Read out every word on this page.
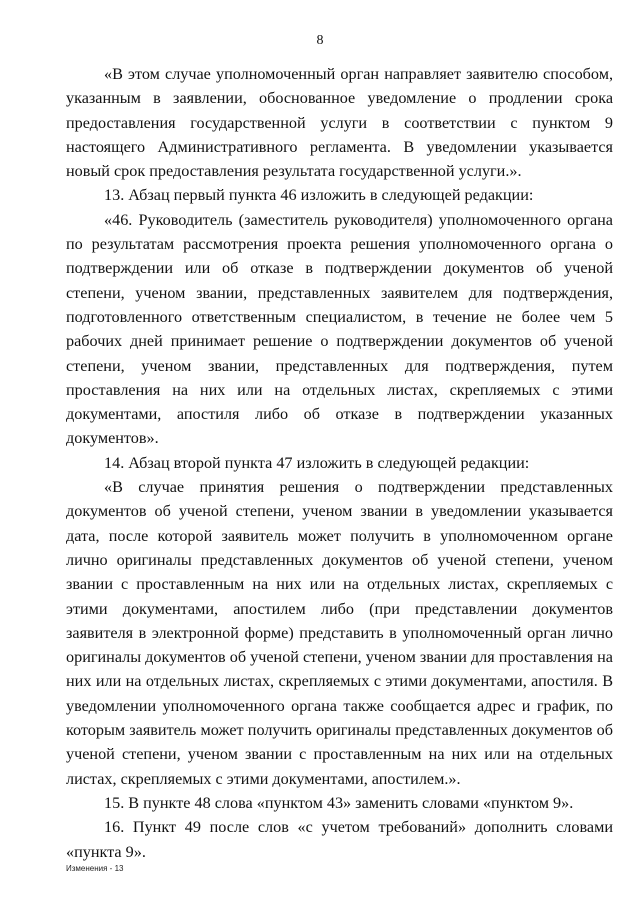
8

«В этом случае уполномоченный орган направляет заявителю способом, указанным в заявлении, обоснованное уведомление о продлении срока предоставления государственной услуги в соответствии с пунктом 9 настоящего Административного регламента. В уведомлении указывается новый срок предоставления результата государственной услуги.».

13. Абзац первый пункта 46 изложить в следующей редакции:

«46. Руководитель (заместитель руководителя) уполномоченного органа по результатам рассмотрения проекта решения уполномоченного органа о подтверждении или об отказе в подтверждении документов об ученой степени, ученом звании, представленных заявителем для подтверждения, подготовленного ответственным специалистом, в течение не более чем 5 рабочих дней принимает решение о подтверждении документов об ученой степени, ученом звании, представленных для подтверждения, путем проставления на них или на отдельных листах, скрепляемых с этими документами, апостиля либо об отказе в подтверждении указанных документов».

14. Абзац второй пункта 47 изложить в следующей редакции:

«В случае принятия решения о подтверждении представленных документов об ученой степени, ученом звании в уведомлении указывается дата, после которой заявитель может получить в уполномоченном органе лично оригиналы представленных документов об ученой степени, ученом звании с проставленным на них или на отдельных листах, скрепляемых с этими документами, апостилем либо (при представлении документов заявителя в электронной форме) представить в уполномоченный орган лично оригиналы документов об ученой степени, ученом звании для проставления на них или на отдельных листах, скрепляемых с этими документами, апостиля. В уведомлении уполномоченного органа также сообщается адрес и график, по которым заявитель может получить оригиналы представленных документов об ученой степени, ученом звании с проставленным на них или на отдельных листах, скрепляемых с этими документами, апостилем.».

15. В пункте 48 слова «пунктом 43» заменить словами «пунктом 9».

16. Пункт 49 после слов «с учетом требований» дополнить словами «пункта 9».

Изменения - 13
